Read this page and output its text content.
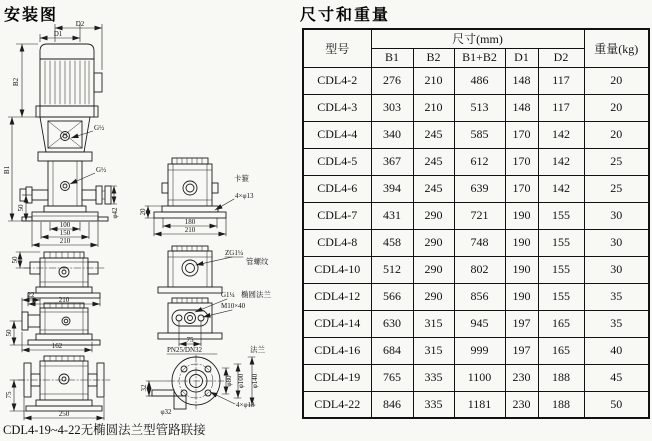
安装图	尺寸和重量
D1
D2
B2
B1
50	φ42
100
150
210
G½
G½
50
210
22
162
50
75
250
卡箍
4×φ13
20
180
210
ZG1¼
管螺纹
G1¼ 椭圆法兰
M10×40
75
PN25/DN32	法兰
φ80 φ100 φ140
4×φ18
φ32
32
CDL4-19~4-22无椭圆法兰型管路联接
型号	尺寸(mm)					重量(kg)
	B1	B2	B1+B2	D1	D2	
CDL4-2	276	210	486	148	117	20
CDL4-3	303	210	513	148	117	20
CDL4-4	340	245	585	170	142	20
CDL4-5	367	245	612	170	142	25
CDL4-6	394	245	639	170	142	25
CDL4-7	431	290	721	190	155	30
CDL4-8	458	290	748	190	155	30
CDL4-10	512	290	802	190	155	30
CDL4-12	566	290	856	190	155	35
CDL4-14	630	315	945	197	165	35
CDL4-16	684	315	999	197	165	40
CDL4-19	765	335	1100	230	188	45
CDL4-22	846	335	1181	230	188	50
